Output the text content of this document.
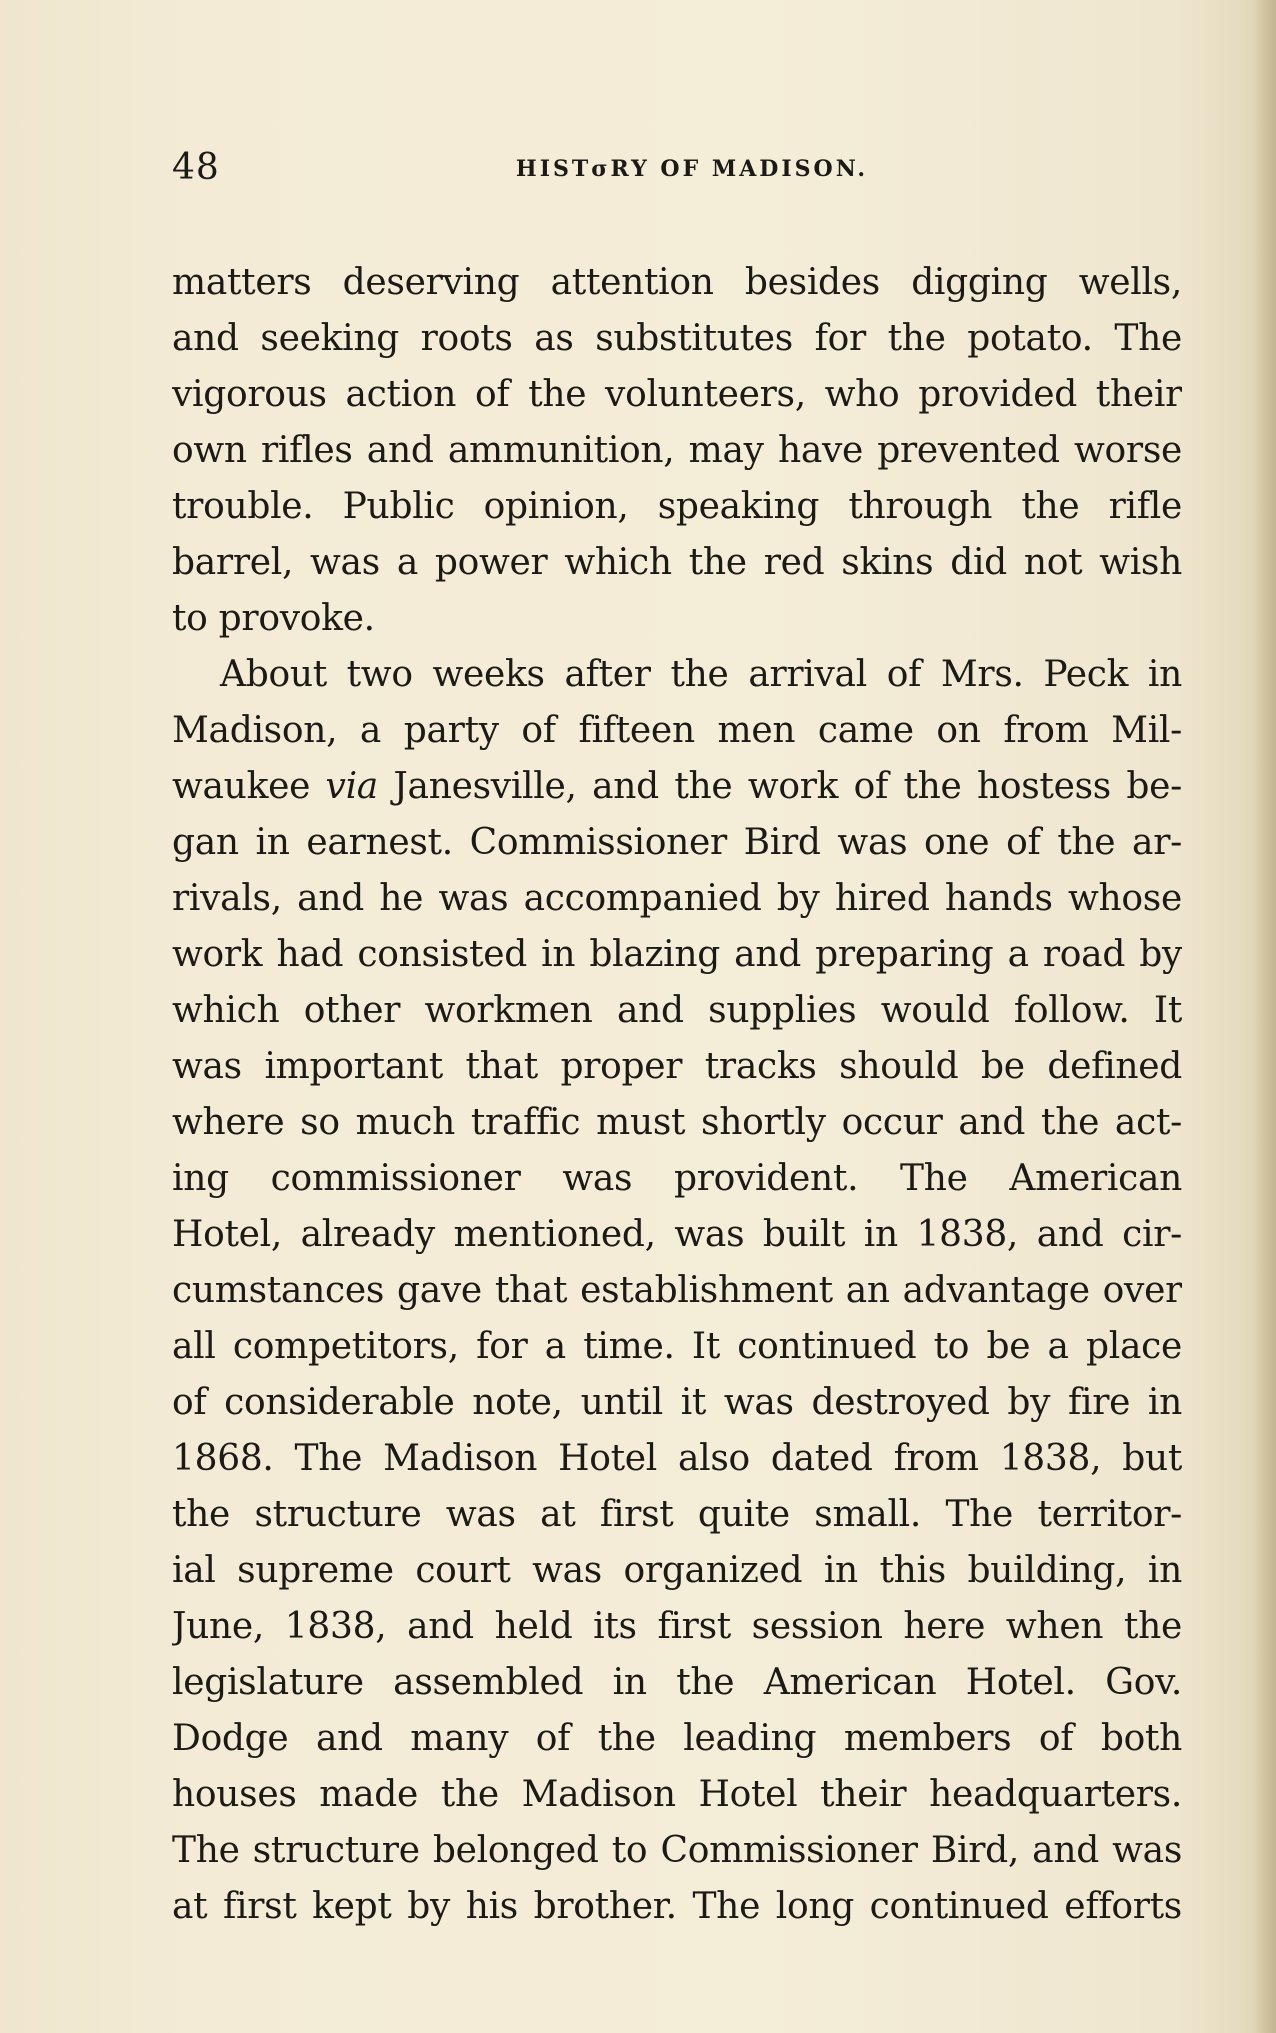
48	HISTσRY OF MADISON.
matters deserving attention besides digging wells,
and seeking roots as substitutes for the potato. The
vigorous action of the volunteers, who provided their
own rifles and ammunition, may have prevented worse
trouble. Public opinion, speaking through the rifle
barrel, was a power which the red skins did not wish
to provoke.
About two weeks after the arrival of Mrs. Peck in
Madison, a party of fifteen men came on from Mil-
waukee via Janesville, and the work of the hostess be-
gan in earnest. Commissioner Bird was one of the ar-
rivals, and he was accompanied by hired hands whose
work had consisted in blazing and preparing a road by
which other workmen and supplies would follow. It
was important that proper tracks should be defined
where so much traffic must shortly occur and the act-
ing commissioner was provident. The American
Hotel, already mentioned, was built in 1838, and cir-
cumstances gave that establishment an advantage over
all competitors, for a time. It continued to be a place
of considerable note, until it was destroyed by fire in
1868. The Madison Hotel also dated from 1838, but
the structure was at first quite small. The territor-
ial supreme court was organized in this building, in
June, 1838, and held its first session here when the
legislature assembled in the American Hotel. Gov.
Dodge and many of the leading members of both
houses made the Madison Hotel their headquarters.
The structure belonged to Commissioner Bird, and was
at first kept by his brother. The long continued efforts
